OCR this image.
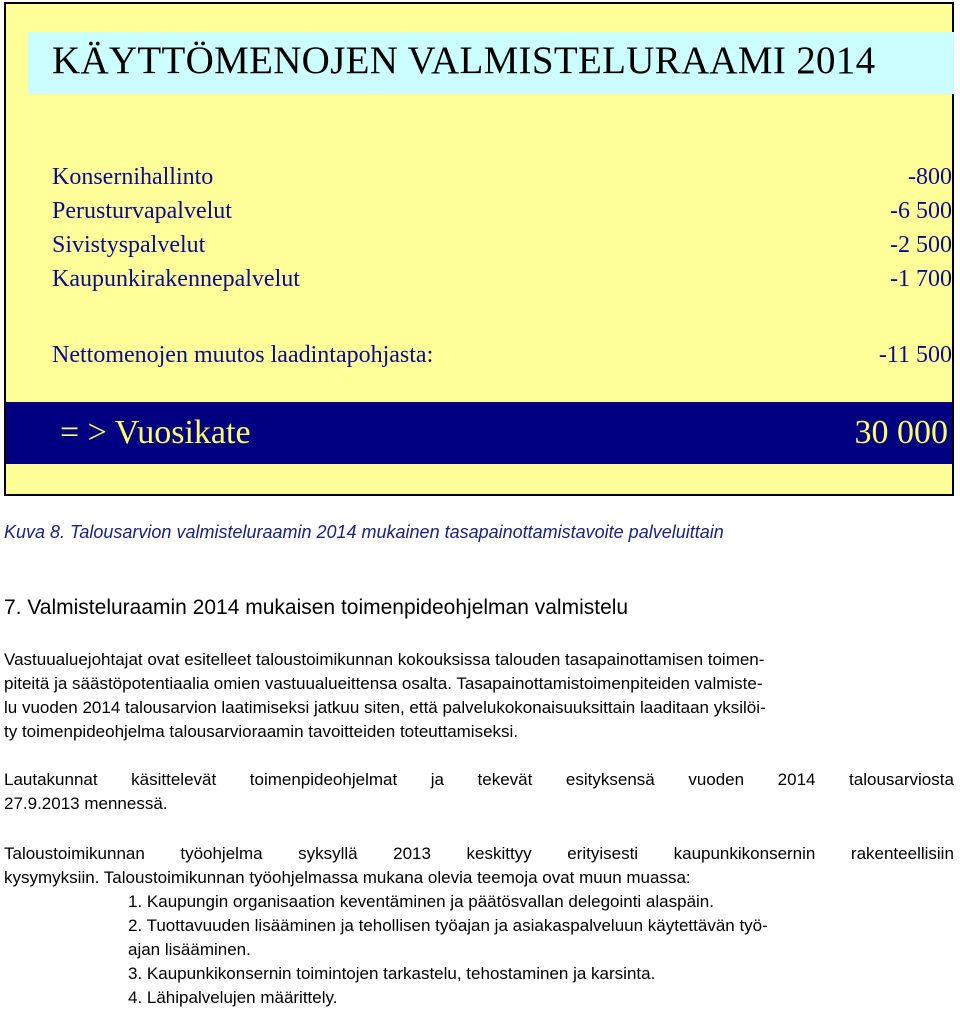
KÄYTTÖMENOJEN VALMISTELURAAMI 2014
Konsernihallinto	-800
Perusturvapalvelut	-6 500
Sivistyspalvelut	-2 500
Kaupunkirakennepalvelut	-1 700
Nettomenojen muutos laadintapohjasta:	-11 500
= > Vuosikate	30 000
Kuva 8. Talousarvion valmisteluraamin 2014 mukainen tasapainottamistavoite palveluittain
7. Valmisteluraamin 2014 mukaisen toimenpideohjelman valmistelu
Vastuualuejohtajat ovat esitelleet taloustoimikunnan kokouksissa talouden tasapainottamisen toimen-
piteitä ja säästöpotentiaalia omien vastuualueittensa osalta. Tasapainottamistoimenpiteiden valmiste-
lu vuoden 2014 talousarvion laatimiseksi jatkuu siten, että palvelukokonaisuuksittain laaditaan yksilöi-
ty toimenpideohjelma talousarvioraamin tavoitteiden toteuttamiseksi.
Lautakunnat käsittelevät toimenpideohjelmat ja tekevät esityksensä vuoden 2014 talousarviosta
27.9.2013 mennessä.
Taloustoimikunnan työohjelma syksyllä 2013 keskittyy erityisesti kaupunkikonsernin rakenteellisiin
kysymyksiin. Taloustoimikunnan työohjelmassa mukana olevia teemoja ovat muun muassa:
1. Kaupungin organisaation keventäminen ja päätösvallan delegointi alaspäin.
2. Tuottavuuden lisääminen ja tehollisen työajan ja asiakaspalveluun käytettävän työ-
ajan lisääminen.
3. Kaupunkikonsernin toimintojen tarkastelu, tehostaminen ja karsinta.
4. Lähipalvelujen määrittely.
